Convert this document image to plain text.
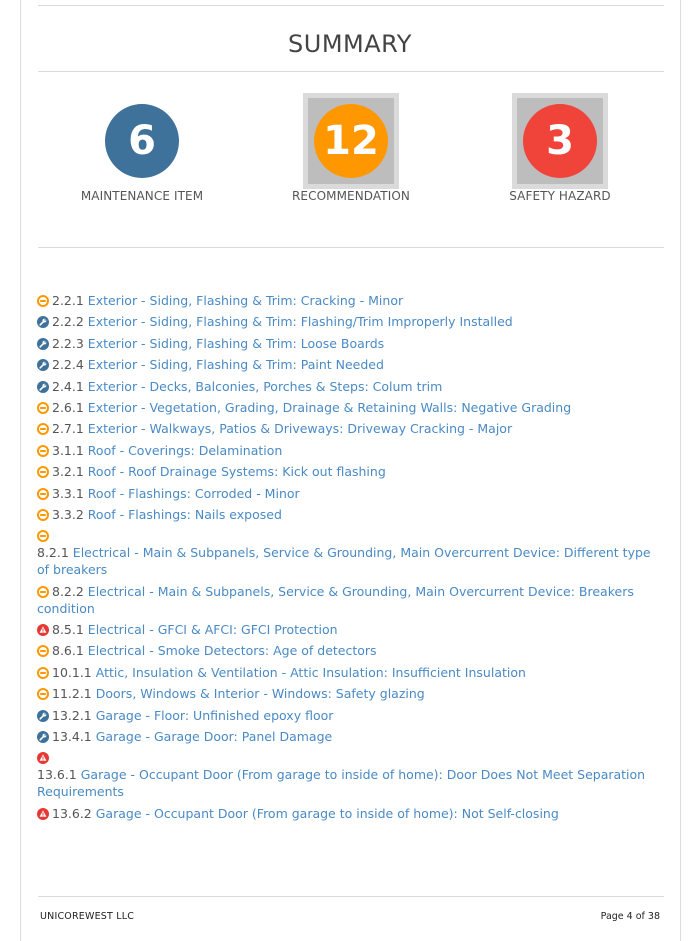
SUMMARY
6
MAINTENANCE ITEM
12
RECOMMENDATION
3
SAFETY HAZARD
2.2.1 Exterior - Siding, Flashing & Trim: Cracking - Minor
2.2.2 Exterior - Siding, Flashing & Trim: Flashing/Trim Improperly Installed
2.2.3 Exterior - Siding, Flashing & Trim: Loose Boards
2.2.4 Exterior - Siding, Flashing & Trim: Paint Needed
2.4.1 Exterior - Decks, Balconies, Porches & Steps: Colum trim
2.6.1 Exterior - Vegetation, Grading, Drainage & Retaining Walls: Negative Grading
2.7.1 Exterior - Walkways, Patios & Driveways: Driveway Cracking - Major
3.1.1 Roof - Coverings: Delamination
3.2.1 Roof - Roof Drainage Systems: Kick out flashing
3.3.1 Roof - Flashings: Corroded - Minor
3.3.2 Roof - Flashings: Nails exposed
8.2.1 Electrical - Main & Subpanels, Service & Grounding, Main Overcurrent Device: Different type of breakers
8.2.2 Electrical - Main & Subpanels, Service & Grounding, Main Overcurrent Device: Breakers condition
8.5.1 Electrical - GFCI & AFCI: GFCI Protection
8.6.1 Electrical - Smoke Detectors: Age of detectors
10.1.1 Attic, Insulation & Ventilation - Attic Insulation: Insufficient Insulation
11.2.1 Doors, Windows & Interior - Windows: Safety glazing
13.2.1 Garage - Floor: Unfinished epoxy floor
13.4.1 Garage - Garage Door: Panel Damage
13.6.1 Garage - Occupant Door (From garage to inside of home): Door Does Not Meet Separation Requirements
13.6.2 Garage - Occupant Door (From garage to inside of home): Not Self-closing
UNICOREWEST LLC	Page 4 of 38
